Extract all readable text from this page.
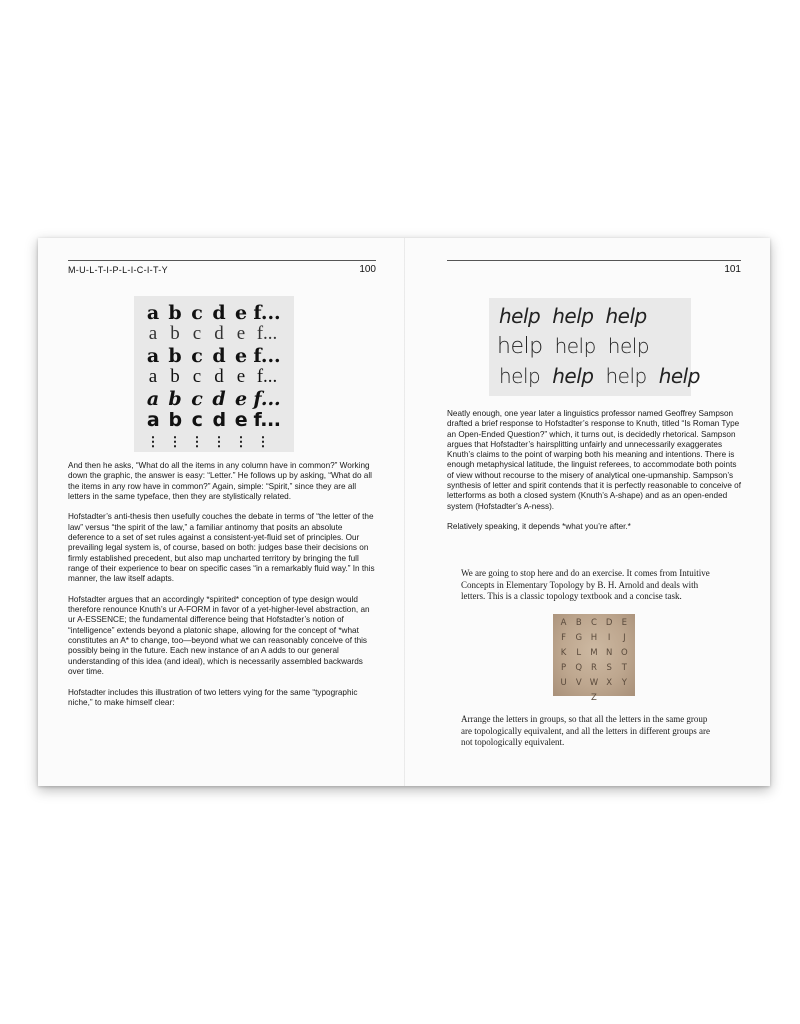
M-U-L-T-I-P-L-I-C-I-T-Y	100
a b c d e f...
a b c d e f...
a b c d e f...
a b c d e f...
a b c d e f...
a b c d e f...
⋮ ⋮ ⋮ ⋮ ⋮ ⋮

And then he asks, “What do all the items in any column have in common?” Working down the graphic, the answer is easy: “Letter.” He follows up by asking, “What do all the items in any row have in common?” Again, simple: “Spirit,” since they are all letters in the same typeface, then they are stylistically related.

Hofstadter’s anti-thesis then usefully couches the debate in terms of “the letter of the law” versus “the spirit of the law,” a familiar antinomy that posits an absolute deference to a set of set rules against a consistent-yet-fluid set of principles. Our prevailing legal system is, of course, based on both: judges base their decisions on firmly established precedent, but also map uncharted territory by bringing the full range of their experience to bear on specific cases “in a remarkably fluid way.” In this manner, the law itself adapts.

Hofstadter argues that an accordingly *spirited* conception of type design would therefore renounce Knuth’s ur A-FORM in favor of a yet-higher-level abstraction, an ur A-ESSENCE; the fundamental difference being that Hofstadter’s notion of “intelligence” extends beyond a platonic shape, allowing for the concept of *what constitutes an A* to change, too—beyond what we can reasonably conceive of this possibly being in the future. Each new instance of an A adds to our general understanding of this idea (and ideal), which is necessarily assembled backwards over time.

Hofstadter includes this illustration of two letters vying for the same “typographic niche,” to make himself clear:

101
help help help
help help help
help help help help

Neatly enough, one year later a linguistics professor named Geoffrey Sampson drafted a brief response to Hofstadter’s response to Knuth, titled “Is Roman Type an Open-Ended Question?” which, it turns out, is decidedly rhetorical. Sampson argues that Hofstadter’s hairsplitting unfairly and unnecessarily exaggerates Knuth’s claims to the point of warping both his meaning and intentions. There is enough metaphysical latitude, the linguist referees, to accommodate both points of view without recourse to the misery of analytical one-upmanship. Sampson’s synthesis of letter and spirit contends that it is perfectly reasonable to conceive of letterforms as both a closed system (Knuth’s A-shape) and as an open-ended system (Hofstadter’s A-ness).

Relatively speaking, it depends *what you’re after.*

We are going to stop here and do an exercise. It comes from Intuitive Concepts in Elementary Topology by B. H. Arnold and deals with letters. This is a classic topology textbook and a concise task.
A	B	C	D	E
F	G	H	I	J
K	L	M N	O
P	Q	R	S	T
U	V W X	Y
Z
Arrange the letters in groups, so that all the letters in the same group are topologically equivalent, and all the letters in different groups are not topologically equivalent.
